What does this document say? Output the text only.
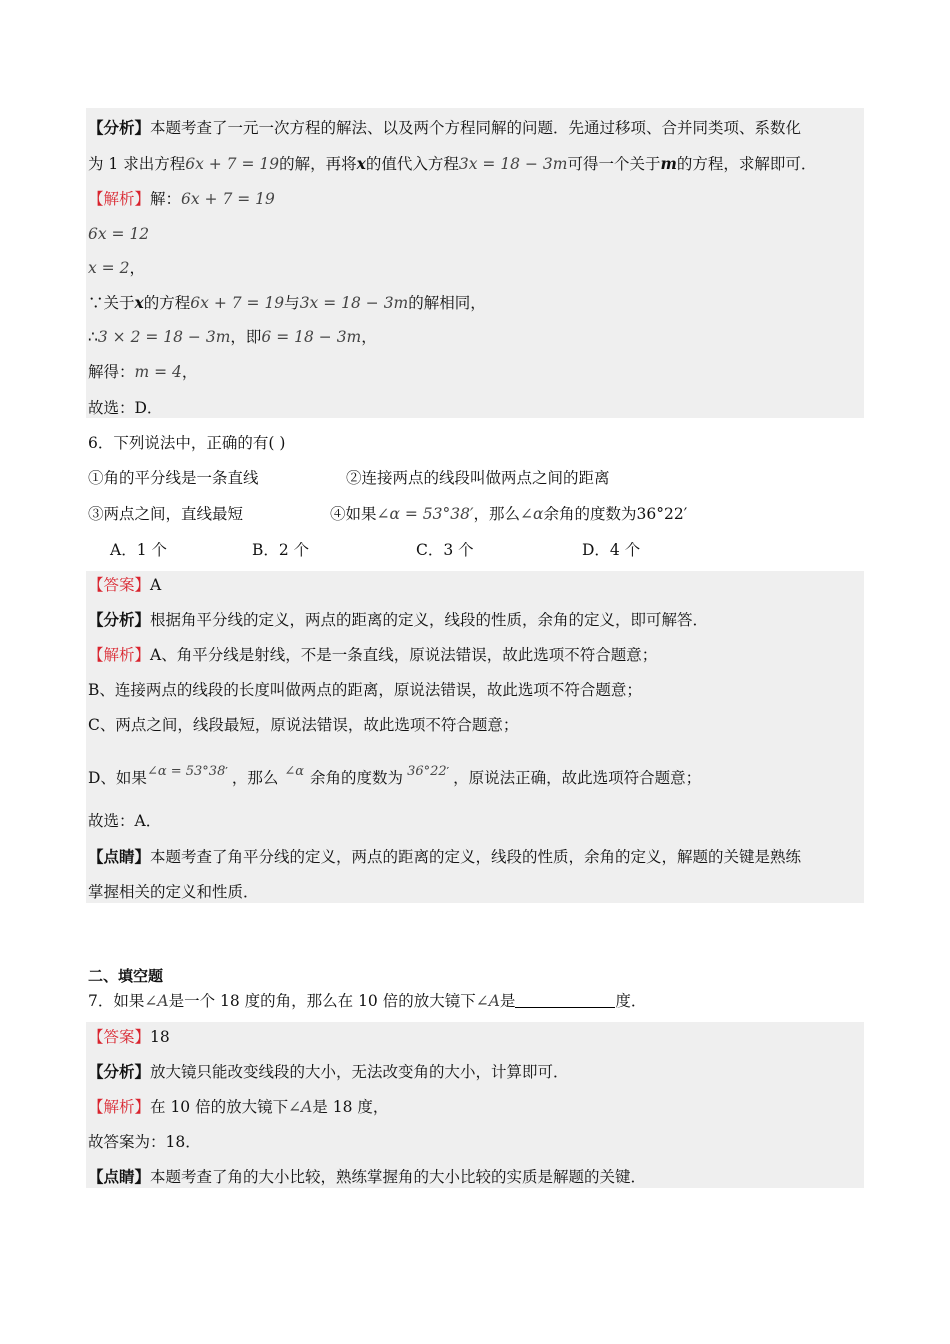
【分析】本题考查了一元一次方程的解法、以及两个方程同解的问题．先通过移项、合并同类项、系数化
为 1 求出方程6x + 7 = 19的解，再将x的值代入方程3x = 18 − 3m可得一个关于m的方程，求解即可．
【解析】解：6x + 7 = 19
6x = 12
x = 2，
∵关于x的方程6x + 7 = 19与3x = 18 − 3m的解相同，
∴3 × 2 = 18 − 3m，即6 = 18 − 3m，
解得：m = 4，
故选：D．
6．下列说法中，正确的有( )
①角的平分线是一条直线	②连接两点的线段叫做两点之间的距离
③两点之间，直线最短	④如果∠α = 53°38′，那么∠α余角的度数为36°22′
A．1 个	B．2 个	C．3 个	D．4 个
【答案】A
【分析】根据角平分线的定义，两点的距离的定义，线段的性质，余角的定义，即可解答．
【解析】A、角平分线是射线，不是一条直线，原说法错误，故此选项不符合题意；
B、连接两点的线段的长度叫做两点的距离，原说法错误，故此选项不符合题意；
C、两点之间，线段最短，原说法错误，故此选项不符合题意；
D、如果$^{\angle\alpha = 53^\circ 38'}$ ，那么 $^{\angle\alpha}$ 余角的度数为 $^{36^\circ 22'}$ ，原说法正确，故此选项符合题意；
故选：A．
【点睛】本题考查了角平分线的定义，两点的距离的定义，线段的性质，余角的定义，解题的关键是熟练
掌握相关的定义和性质．
二、填空题
7．如果∠A是一个 18 度的角，那么在 10 倍的放大镜下∠A是	度．
【答案】18
【分析】放大镜只能改变线段的大小，无法改变角的大小，计算即可．
【解析】在 10 倍的放大镜下∠A是 18 度，
故答案为：18．
【点睛】本题考查了角的大小比较，熟练掌握角的大小比较的实质是解题的关键．
